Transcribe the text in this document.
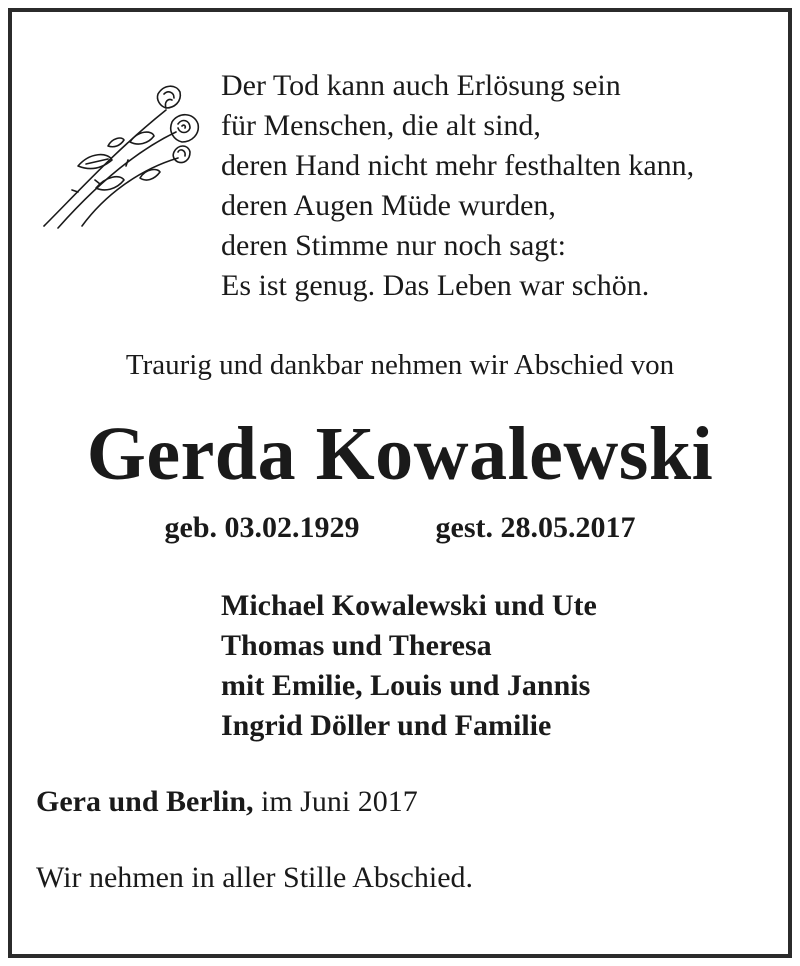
Der Tod kann auch Erlösung sein
für Menschen, die alt sind,
deren Hand nicht mehr festhalten kann,
deren Augen Müde wurden,
deren Stimme nur noch sagt:
Es ist genug. Das Leben war schön.
Traurig und dankbar nehmen wir Abschied von
Gerda Kowalewski
geb. 03.02.1929	gest. 28.05.2017
Michael Kowalewski und Ute
Thomas und Theresa
mit Emilie, Louis und Jannis
Ingrid Döller und Familie
Gera und Berlin, im Juni 2017
Wir nehmen in aller Stille Abschied.
